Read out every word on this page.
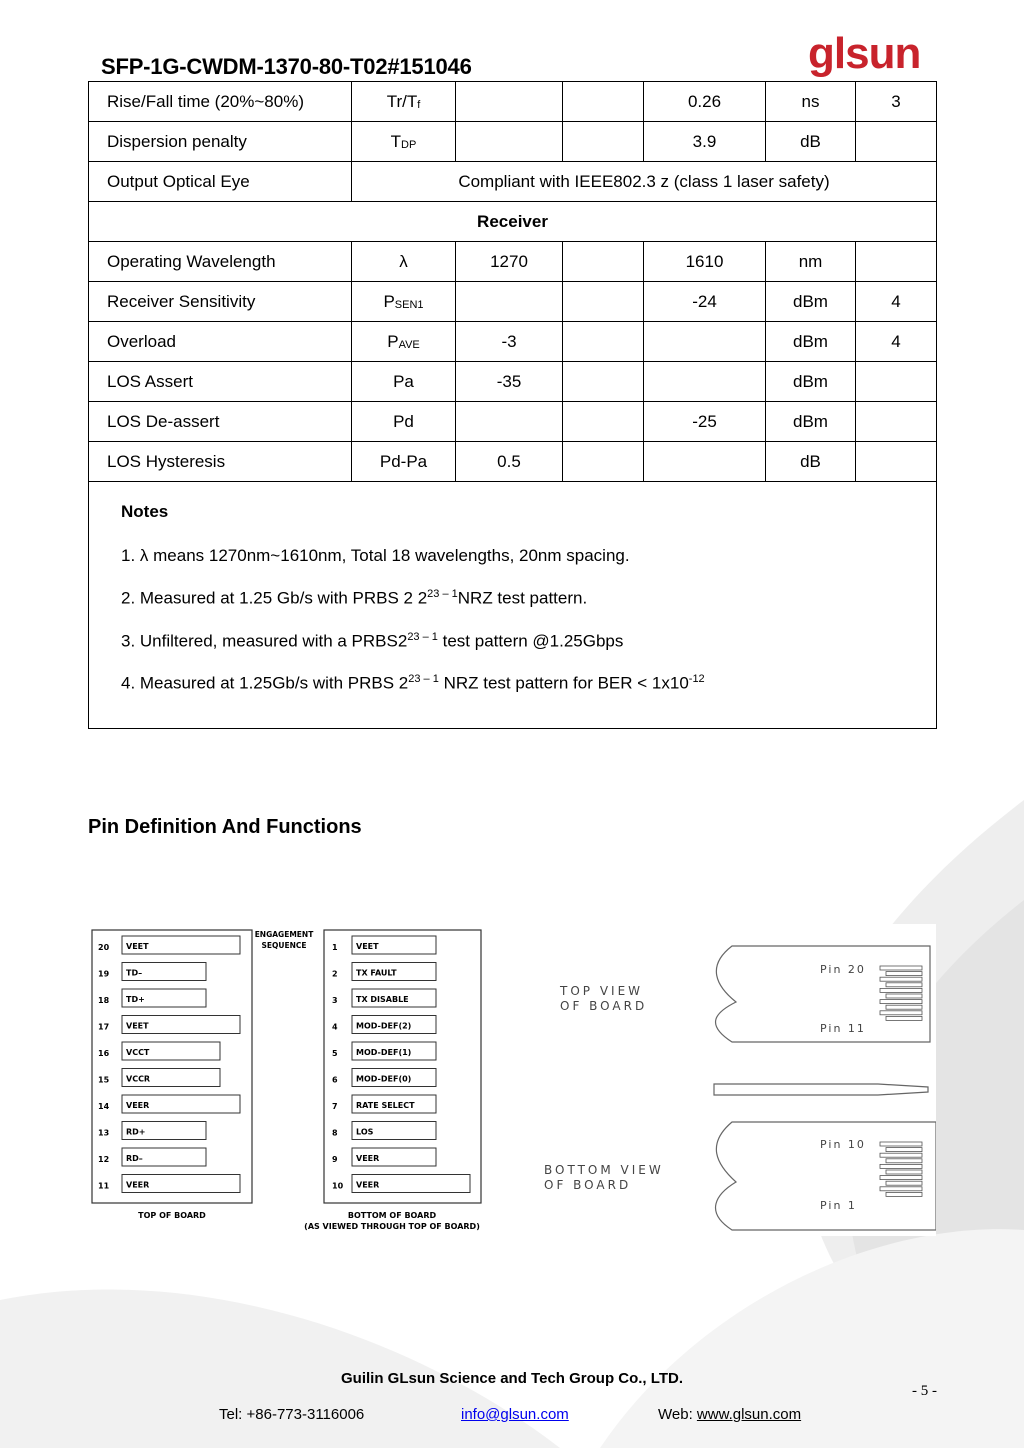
SFP-1G-CWDM-1370-80-T02#151046	glsun
Rise/Fall time (20%~80%)	$Tr/T_f$			0.26	ns	3
Dispersion penalty	$T_{DP}$			3.9	dB	
Output Optical Eye	Compliant with IEEE802.3 z (class 1 laser safety)					
Receiver						
Operating Wavelength	λ	1270		1610	nm	
Receiver Sensitivity	$P_{SEN1}$			-24	dBm	4
Overload	$P_{AVE}$	-3			dBm	4
LOS Assert	Pa	-35			dBm	
LOS De-assert	Pd			-25	dBm	
LOS Hysteresis	Pd-Pa	0.5			dB	

Notes
1. λ means 1270nm~1610nm, Total 18 wavelengths, 20nm spacing.
2. Measured at 1.25 Gb/s with PRBS 2 2$^{23 - 1}$NRZ test pattern.
3. Unfiltered, measured with a PRBS2$^{23 - 1}$ test pattern @1.25Gbps
4. Measured at 1.25Gb/s with PRBS 2$^{23 - 1}$ NRZ test pattern for BER < $1x10^{-12}$
Pin Definition And Functions
ENGAGEMENT
SEQUENCE
20 VEET
19 TD–
18 TD+
17 VEET
16 VCCT
15 VCCR
14 VEER
13 RD+
12 RD–
11 VEER
1 VEET
2 TX FAULT
3 TX DISABLE
4 MOD-DEF(2)
5 MOD-DEF(1)
6 MOD-DEF(0)
7 RATE SELECT
8 LOS
9 VEER
10 VEER
TOP OF BOARD	BOTTOM OF BOARD
(AS VIEWED THROUGH TOP OF BOARD)
TOP VIEW
OF BOARD
Pin 20
Pin 11
BOTTOM VIEW
OF BOARD
Pin 10
Pin 1
Guilin GLsun Science and Tech Group Co., LTD.
- 5 -
Tel: +86-773-3116006	info@glsun.com	Web: www.glsun.com
